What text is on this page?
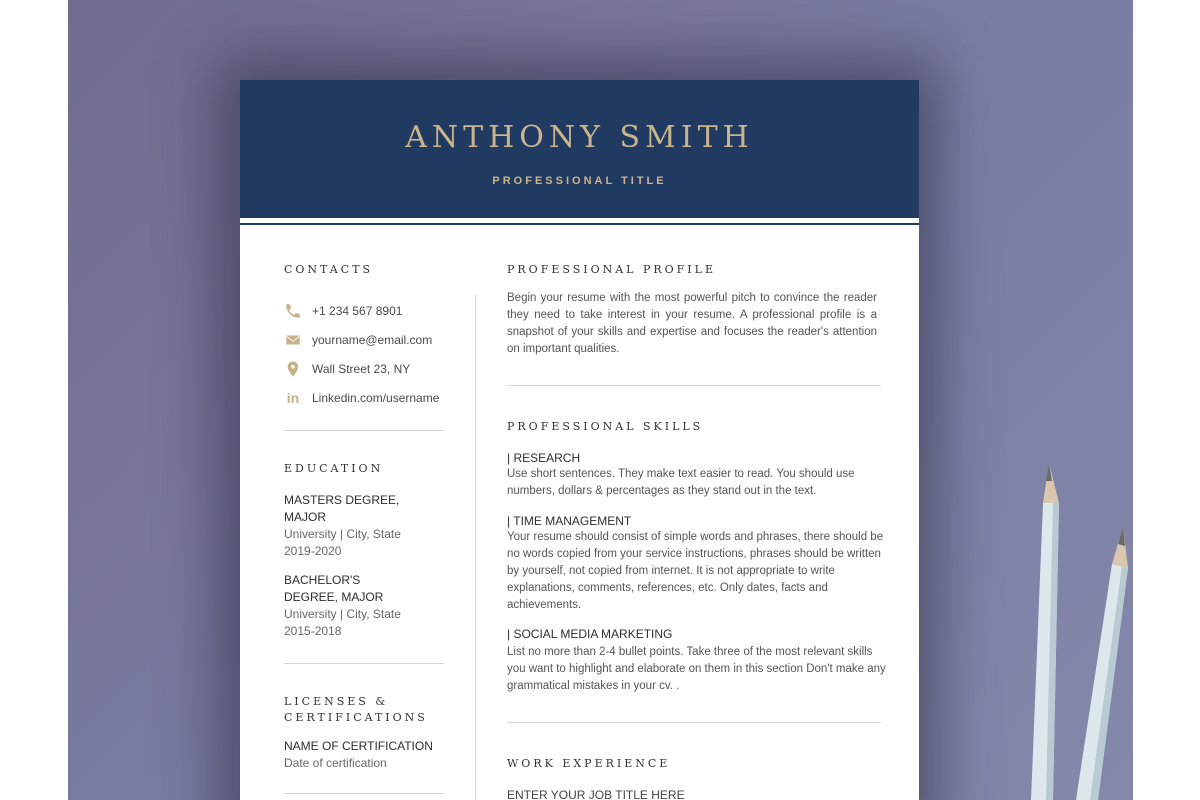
ANTHONY SMITH
PROFESSIONAL TITLE
CONTACTS
+1 234 567 8901
yourname@email.com
Wall Street 23, NY
in Linkedin.com/username
EDUCATION
MASTERS DEGREE,
MAJOR
University | City, State
2019-2020
BACHELOR'S
DEGREE, MAJOR
University | City, State
2015-2018
LICENSES &
CERTIFICATIONS
NAME OF CERTIFICATION
Date of certification
PROFESSIONAL PROFILE

Begin your resume with the most powerful pitch to convince the reader they need to take interest in your resume. A professional profile is a snapshot of your skills and expertise and focuses the reader's attention on important qualities.

PROFESSIONAL SKILLS
| RESEARCH

Use short sentences. They make text easier to read. You should use numbers, dollars & percentages as they stand out in the text.

| TIME MANAGEMENT

Your resume should consist of simple words and phrases, there should be no words copied from your service instructions, phrases should be written by yourself, not copied from internet. It is not appropriate to write explanations, comments, references, etc. Only dates, facts and achievements.

| SOCIAL MEDIA MARKETING

List no more than 2-4 bullet points. Take three of the most relevant skills you want to highlight and elaborate on them in this section Don't make any grammatical mistakes in your cv. .

WORK EXPERIENCE
ENTER YOUR JOB TITLE HERE
